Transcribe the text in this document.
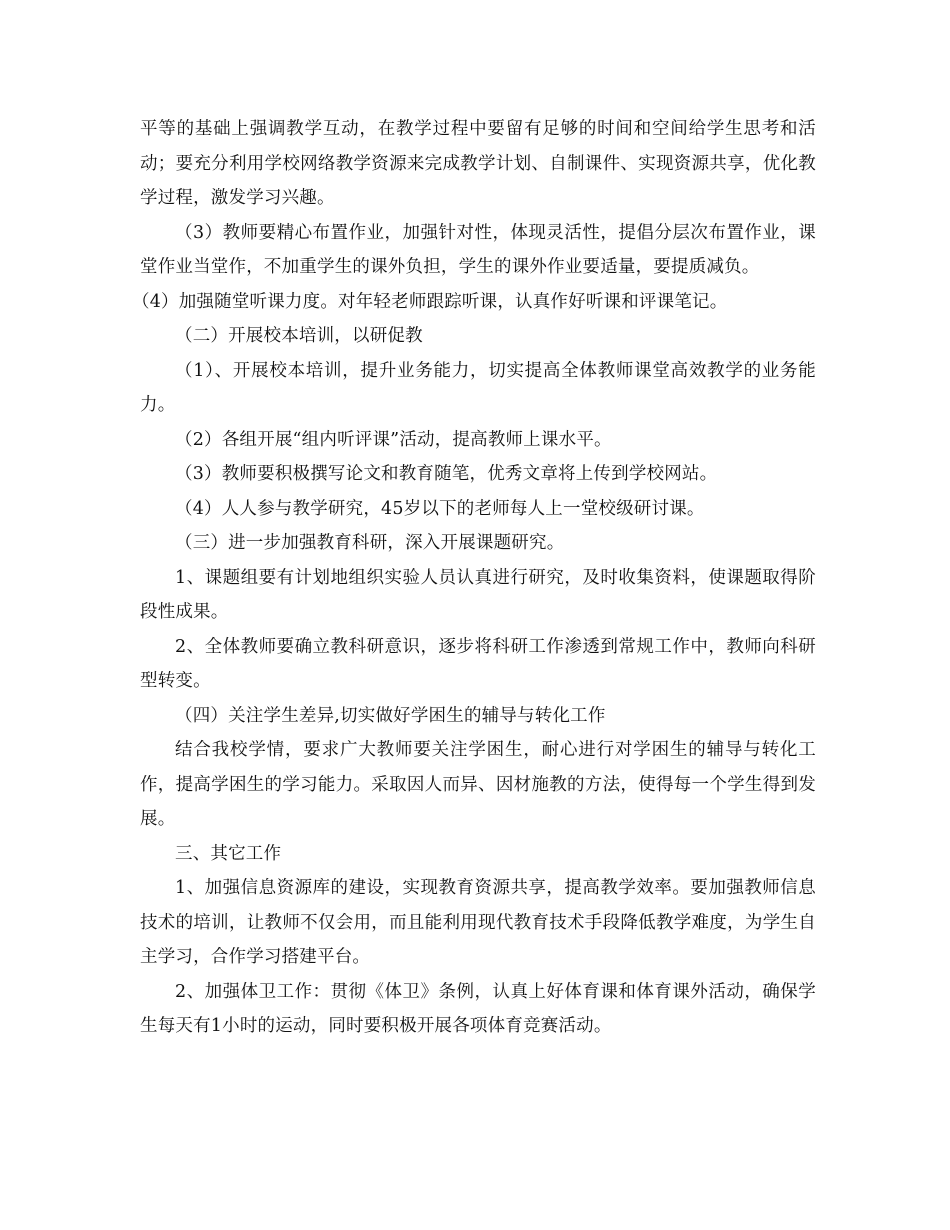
平等的基础上强调教学互动，在教学过程中要留有足够的时间和空间给学生思考和活动；要充分利用学校网络教学资源来完成教学计划、自制课件、实现资源共享，优化教学过程，激发学习兴趣。

（3）教师要精心布置作业，加强针对性，体现灵活性，提倡分层次布置作业，课堂作业当堂作，不加重学生的课外负担，学生的课外作业要适量，要提质减负。

（4）加强随堂听课力度。对年轻老师跟踪听课，认真作好听课和评课笔记。

（二）开展校本培训，以研促教

（1）、开展校本培训，提升业务能力，切实提高全体教师课堂高效教学的业务能力。

（2）各组开展“组内听评课”活动，提高教师上课水平。

（3）教师要积极撰写论文和教育随笔，优秀文章将上传到学校网站。

（4）人人参与教学研究，45岁以下的老师每人上一堂校级研讨课。

（三）进一步加强教育科研，深入开展课题研究。

1、课题组要有计划地组织实验人员认真进行研究，及时收集资料，使课题取得阶段性成果。

2、全体教师要确立教科研意识，逐步将科研工作渗透到常规工作中，教师向科研型转变。

（四）关注学生差异,切实做好学困生的辅导与转化工作

结合我校学情，要求广大教师要关注学困生，耐心进行对学困生的辅导与转化工作，提高学困生的学习能力。采取因人而异、因材施教的方法，使得每一个学生得到发展。

三、其它工作

1、加强信息资源库的建设，实现教育资源共享，提高教学效率。要加强教师信息技术的培训，让教师不仅会用，而且能利用现代教育技术手段降低教学难度，为学生自主学习，合作学习搭建平台。

2、加强体卫工作：贯彻《体卫》条例，认真上好体育课和体育课外活动，确保学生每天有1小时的运动，同时要积极开展各项体育竞赛活动。
